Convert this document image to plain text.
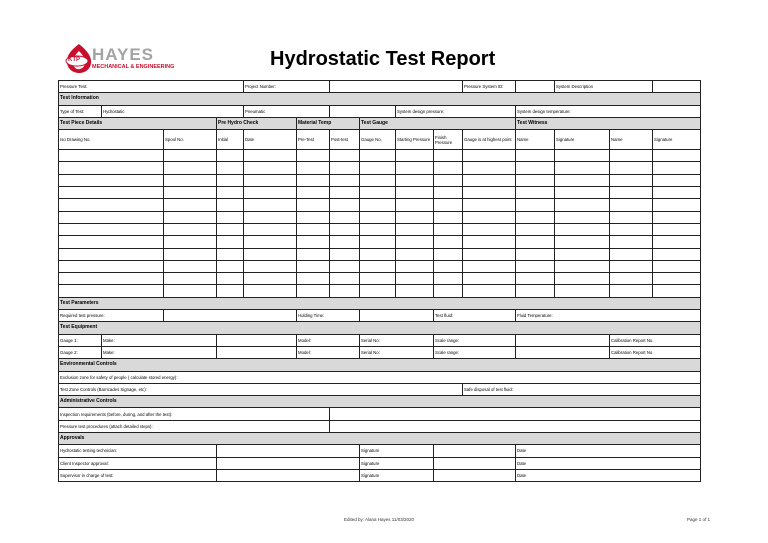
KTP HAYES
MECHANICAL & ENGINEERING	Hydrostatic Test Report
Pressure Test:				Project Number:						Pressure System ID:		System Description		
Test Information														
Type of Test:	Hydrostatic			Pneumatic				System design pressure:			System design temperature:			
Test Piece Details			Pre Hydro Check		Material Temp		Test Gauge				Test Witness			
Iso Drawing No.		Spool No.	Initial	Date	Pre-Test	Post-test	Gauge No.	Starting Pressure	Finish Pressure	Gauge is at highest point	Name	Signature	Name	Signature

Test Parameters														
Required test pressure:					Holding Time:				Test fluid:		Fluid Temperature:			
Test Equipment														
Gauge 1:	Make:				Model:		Serial No:		Scale range:				Calibration Report No.	
Gauge 2:	Make:				Model:		Serial No:		Scale range:				Calibration Report No.	
Environmental Controls														
Exclusion zone for safety of people ( calculate stored energy):														
Test Zone Controls (Barricades Signage, etc):										Safe disposal of test fluid:				
Administrative Controls														
Inspection requirements (before, during, and after the test):														
Pressure test procedures (attach detailed steps):														
Approvals														
Hydrostatic testing technician:							Signature				Date			
Client Inspector approval:							Signature				Date			
Supervisor in charge of test:							Signature				Date			
Edited by: Alana Hayes 11/03/2020	Page 1 of 1
